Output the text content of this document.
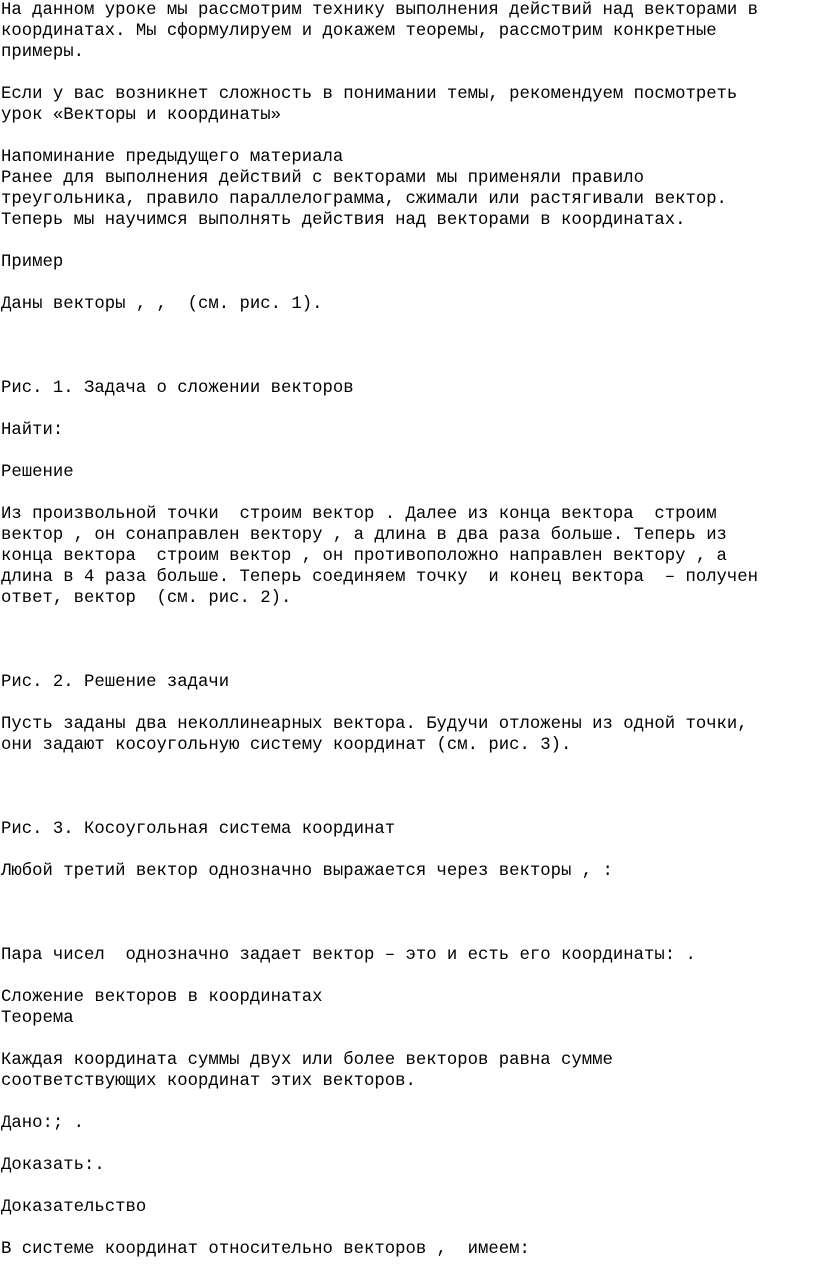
На данном уроке мы рассмотрим технику выполнения действий над векторами в

координатах. Мы сформулируем и докажем теоремы, рассмотрим конкретные

примеры.

Если у вас возникнет сложность в понимании темы, рекомендуем посмотреть

урок «Векторы и координаты»

Напоминание предыдущего материала

Ранее для выполнения действий с векторами мы применяли правило

треугольника, правило параллелограмма, сжимали или растягивали вектор.

Теперь мы научимся выполнять действия над векторами в координатах.

Пример

Даны векторы , ,  (см. рис. 1).

Рис. 1. Задача о сложении векторов

Найти:

Решение

Из произвольной точки  строим вектор . Далее из конца вектора  строим

вектор , он сонаправлен вектору , а длина в два раза больше. Теперь из

конца вектора  строим вектор , он противоположно направлен вектору , а

длина в 4 раза больше. Теперь соединяем точку  и конец вектора  – получен

ответ, вектор  (см. рис. 2).

Рис. 2. Решение задачи

Пусть заданы два неколлинеарных вектора. Будучи отложены из одной точки,

они задают косоугольную систему координат (см. рис. 3).

Рис. 3. Косоугольная система координат

Любой третий вектор однозначно выражается через векторы , :

Пара чисел  однозначно задает вектор – это и есть его координаты: .

Сложение векторов в координатах

Теорема

Каждая координата суммы двух или более векторов равна сумме

соответствующих координат этих векторов.

Дано:; .

Доказать:.

Доказательство

В системе координат относительно векторов ,  имеем:
